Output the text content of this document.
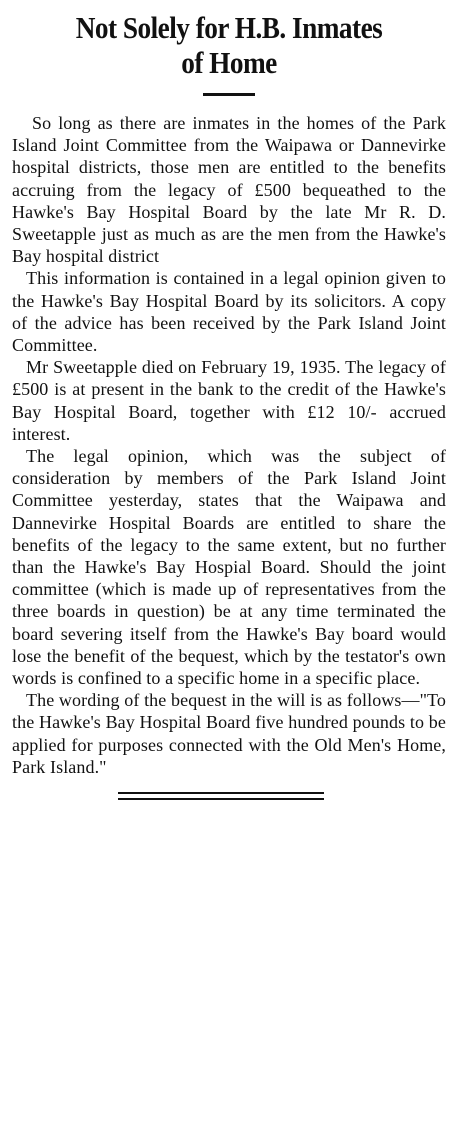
Not Solely for H.B. Inmates
of Home

So long as there are inmates in the homes of the Park Island Joint Committee from the Waipawa or Dannevirke hospital districts, those men are entitled to the benefits accruing from the legacy of £500 bequeathed to the Hawke's Bay Hospital Board by the late Mr R. D. Sweetapple just as much as are the men from the Hawke's Bay hospital district

This information is contained in a legal opinion given to the Hawke's Bay Hospital Board by its solicitors. A copy of the advice has been received by the Park Island Joint Committee.

Mr Sweetapple died on February 19, 1935. The legacy of £500 is at present in the bank to the credit of the Hawke's Bay Hospital Board, together with £12 10/- accrued interest.

The legal opinion, which was the subject of consideration by members of the Park Island Joint Committee yesterday, states that the Waipawa and Dannevirke Hospital Boards are entitled to share the benefits of the legacy to the same extent, but no further than the Hawke's Bay Hospial Board. Should the joint committee (which is made up of representatives from the three boards in question) be at any time terminated the board severing itself from the Hawke's Bay board would lose the benefit of the bequest, which by the testator's own words is confined to a specific home in a specific place.

The wording of the bequest in the will is as follows—"To the Hawke's Bay Hospital Board five hundred pounds to be applied for purposes connected with the Old Men's Home, Park Island."
